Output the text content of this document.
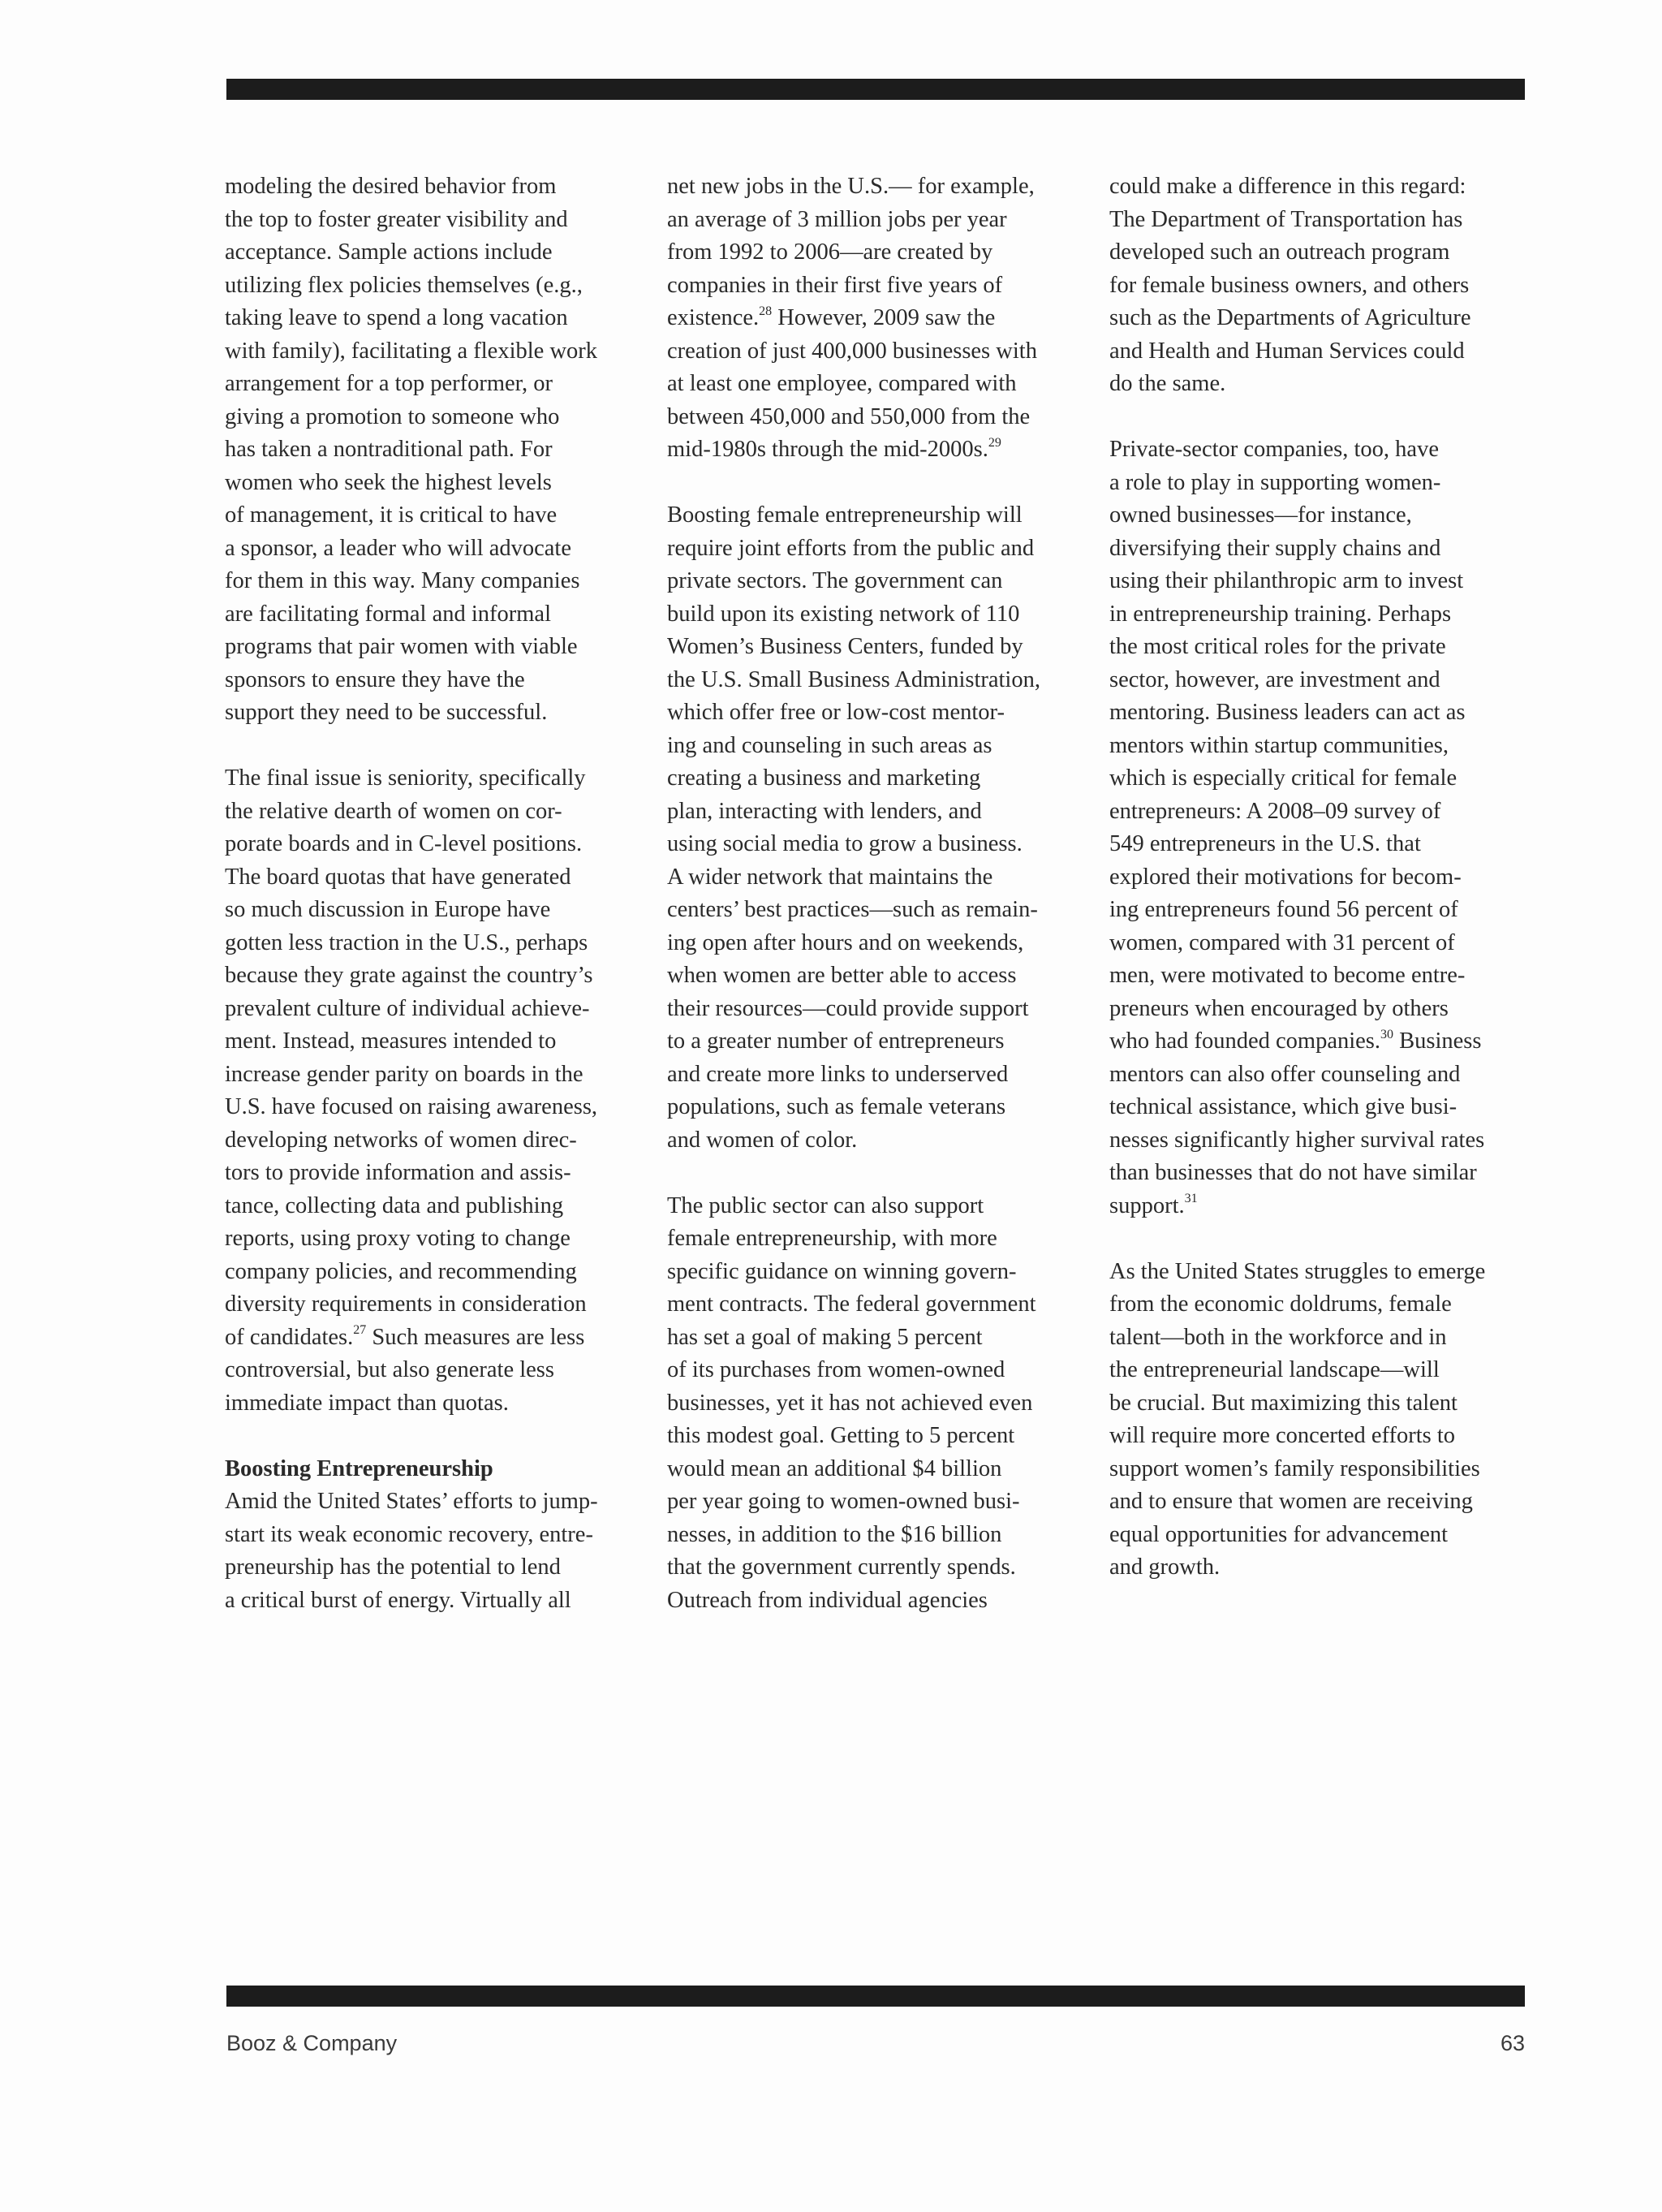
modeling the desired behavior from
the top to foster greater visibility and
acceptance. Sample actions include
utilizing flex policies themselves (e.g.,
taking leave to spend a long vacation
with family), facilitating a flexible work
arrangement for a top performer, or
giving a promotion to someone who
has taken a nontraditional path. For
women who seek the highest levels
of management, it is critical to have
a sponsor, a leader who will advocate
for them in this way. Many companies
are facilitating formal and informal
programs that pair women with viable
sponsors to ensure they have the
support they need to be successful.
The final issue is seniority, specifically
the relative dearth of women on cor-
porate boards and in C-level positions.
The board quotas that have generated
so much discussion in Europe have
gotten less traction in the U.S., perhaps
because they grate against the country’s
prevalent culture of individual achieve-
ment. Instead, measures intended to
increase gender parity on boards in the
U.S. have focused on raising awareness,
developing networks of women direc-
tors to provide information and assis-
tance, collecting data and publishing
reports, using proxy voting to change
company policies, and recommending
diversity requirements in consideration
of candidates.$^{27}$ Such measures are less
controversial, but also generate less
immediate impact than quotas.
Boosting Entrepreneurship
Amid the United States’ efforts to jump-
start its weak economic recovery, entre-
preneurship has the potential to lend
a critical burst of energy. Virtually all
net new jobs in the U.S.— for example,
an average of 3 million jobs per year
from 1992 to 2006—are created by
companies in their first five years of
existence.$^{28}$ However, 2009 saw the
creation of just 400,000 businesses with
at least one employee, compared with
between 450,000 and 550,000 from the
mid-1980s through the mid-2000s.$^{29}$
Boosting female entrepreneurship will
require joint efforts from the public and
private sectors. The government can
build upon its existing network of 110
Women’s Business Centers, funded by
the U.S. Small Business Administration,
which offer free or low-cost mentor-
ing and counseling in such areas as
creating a business and marketing
plan, interacting with lenders, and
using social media to grow a business.
A wider network that maintains the
centers’ best practices—such as remain-
ing open after hours and on weekends,
when women are better able to access
their resources—could provide support
to a greater number of entrepreneurs
and create more links to underserved
populations, such as female veterans
and women of color.
The public sector can also support
female entrepreneurship, with more
specific guidance on winning govern-
ment contracts. The federal government
has set a goal of making 5 percent
of its purchases from women-owned
businesses, yet it has not achieved even
this modest goal. Getting to 5 percent
would mean an additional $4 billion
per year going to women-owned busi-
nesses, in addition to the $16 billion
that the government currently spends.
Outreach from individual agencies
could make a difference in this regard:
The Department of Transportation has
developed such an outreach program
for female business owners, and others
such as the Departments of Agriculture
and Health and Human Services could
do the same.
Private-sector companies, too, have
a role to play in supporting women-
owned businesses—for instance,
diversifying their supply chains and
using their philanthropic arm to invest
in entrepreneurship training. Perhaps
the most critical roles for the private
sector, however, are investment and
mentoring. Business leaders can act as
mentors within startup communities,
which is especially critical for female
entrepreneurs: A 2008–09 survey of
549 entrepreneurs in the U.S. that
explored their motivations for becom-
ing entrepreneurs found 56 percent of
women, compared with 31 percent of
men, were motivated to become entre-
preneurs when encouraged by others
who had founded companies.$^{30}$ Business
mentors can also offer counseling and
technical assistance, which give busi-
nesses significantly higher survival rates
than businesses that do not have similar
support.$^{31}$
As the United States struggles to emerge
from the economic doldrums, female
talent—both in the workforce and in
the entrepreneurial landscape—will
be crucial. But maximizing this talent
will require more concerted efforts to
support women’s family responsibilities
and to ensure that women are receiving
equal opportunities for advancement
and growth.
Booz & Company	63
